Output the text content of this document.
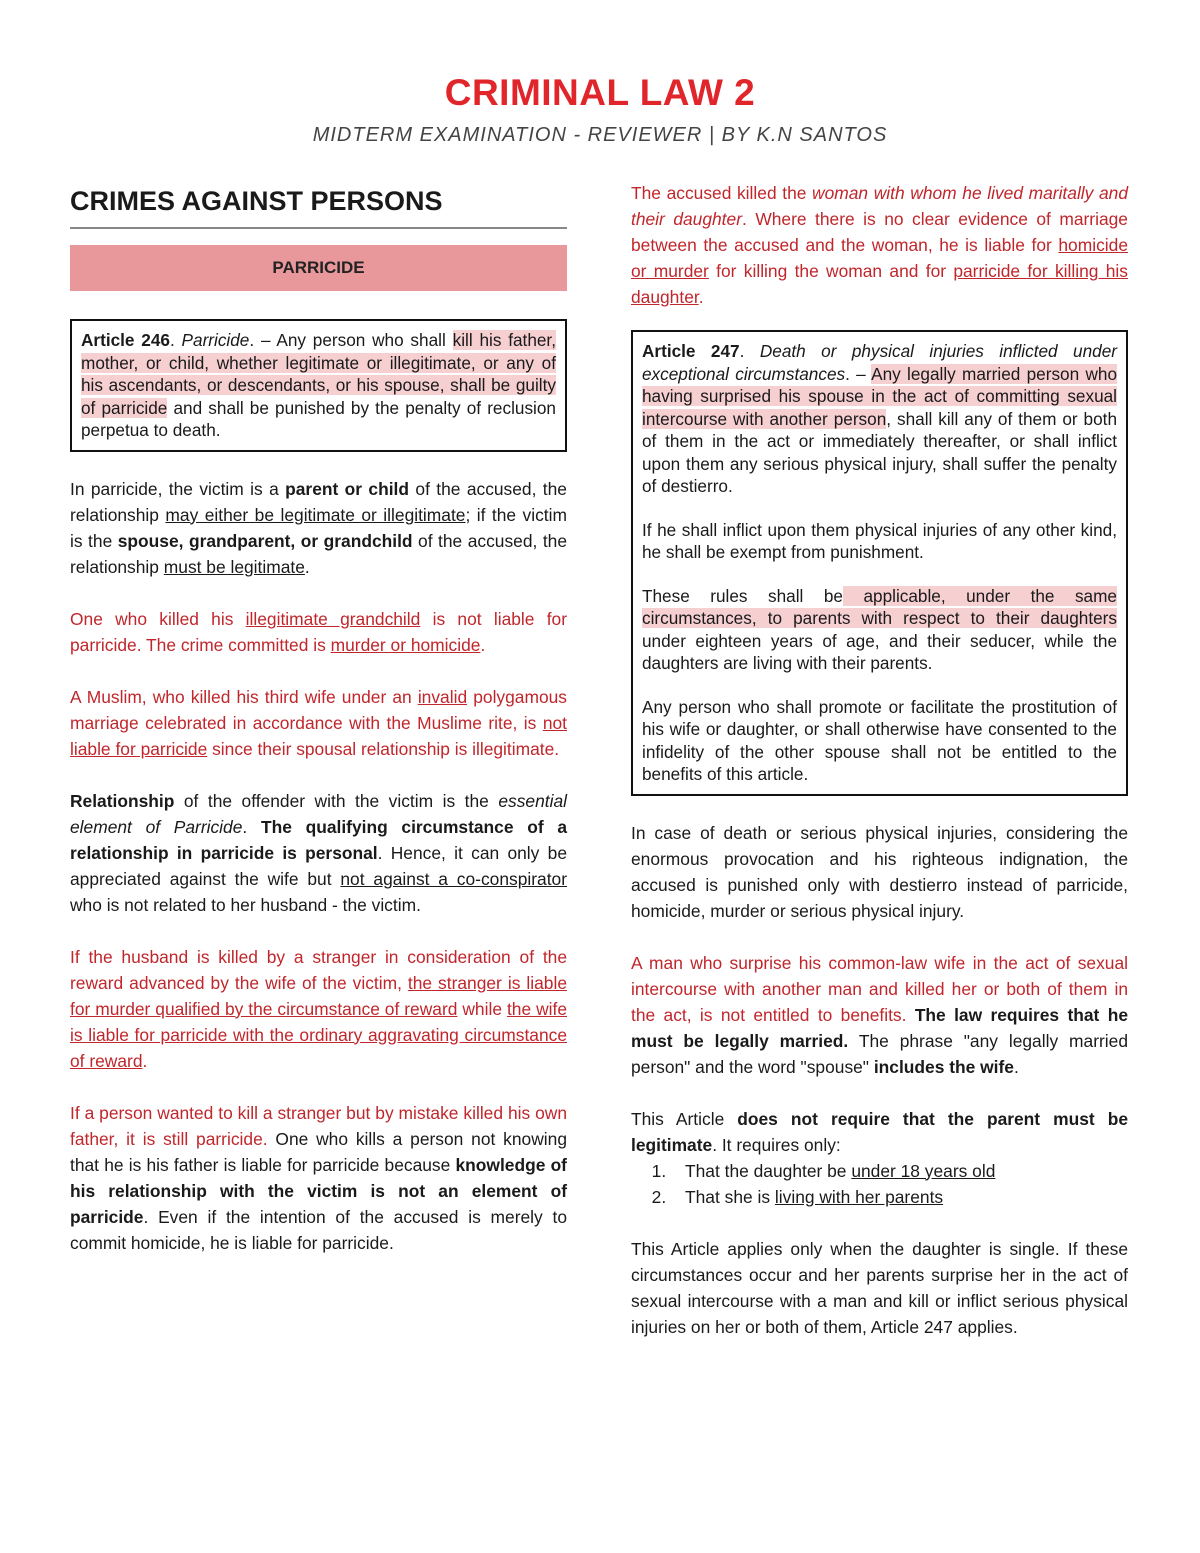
CRIMINAL LAW 2
MIDTERM EXAMINATION - REVIEWER | BY K.N SANTOS
CRIMES AGAINST PERSONS
PARRICIDE

Article 246. Parricide. – Any person who shall kill his father, mother, or child, whether legitimate or illegitimate, or any of his ascendants, or descendants, or his spouse, shall be guilty of parricide and shall be punished by the penalty of reclusion perpetua to death.

In parricide, the victim is a parent or child of the accused, the relationship may either be legitimate or illegitimate; if the victim is the spouse, grandparent, or grandchild of the accused, the relationship must be legitimate.

One who killed his illegitimate grandchild is not liable for parricide. The crime committed is murder or homicide.

A Muslim, who killed his third wife under an invalid polygamous marriage celebrated in accordance with the Muslime rite, is not liable for parricide since their spousal relationship is illegitimate.

Relationship of the offender with the victim is the essential element of Parricide. The qualifying circumstance of a relationship in parricide is personal. Hence, it can only be appreciated against the wife but not against a co-conspirator who is not related to her husband - the victim.

If the husband is killed by a stranger in consideration of the reward advanced by the wife of the victim, the stranger is liable for murder qualified by the circumstance of reward while the wife is liable for parricide with the ordinary aggravating circumstance of reward.

If a person wanted to kill a stranger but by mistake killed his own father, it is still parricide. One who kills a person not knowing that he is his father is liable for parricide because knowledge of his relationship with the victim is not an element of parricide. Even if the intention of the accused is merely to commit homicide, he is liable for parricide.

The accused killed the woman with whom he lived maritally and their daughter. Where there is no clear evidence of marriage between the accused and the woman, he is liable for homicide or murder for killing the woman and for parricide for killing his daughter.

Article 247. Death or physical injuries inflicted under exceptional circumstances. – Any legally married person who having surprised his spouse in the act of committing sexual intercourse with another person, shall kill any of them or both of them in the act or immediately thereafter, or shall inflict upon them any serious physical injury, shall suffer the penalty of destierro.

If he shall inflict upon them physical injuries of any other kind, he shall be exempt from punishment.

These rules shall be applicable, under the same circumstances, to parents with respect to their daughters under eighteen years of age, and their seducer, while the daughters are living with their parents.

Any person who shall promote or facilitate the prostitution of his wife or daughter, or shall otherwise have consented to the infidelity of the other spouse shall not be entitled to the benefits of this article.

In case of death or serious physical injuries, considering the enormous provocation and his righteous indignation, the accused is punished only with destierro instead of parricide, homicide, murder or serious physical injury.

A man who surprise his common-law wife in the act of sexual intercourse with another man and killed her or both of them in the act, is not entitled to benefits. The law requires that he must be legally married. The phrase "any legally married person" and the word "spouse" includes the wife.

This Article does not require that the parent must be legitimate. It requires only:

1. That the daughter be under 18 years old
2. That she is living with her parents

This Article applies only when the daughter is single. If these circumstances occur and her parents surprise her in the act of sexual intercourse with a man and kill or inflict serious physical injuries on her or both of them, Article 247 applies.
